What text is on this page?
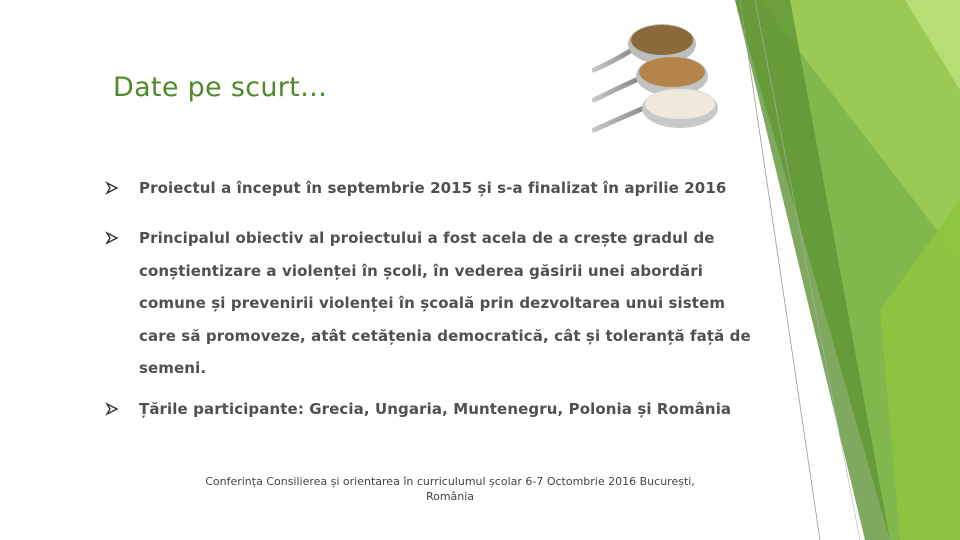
Date pe scurt…
Proiectul a început în septembrie 2015 și s-a finalizat în aprilie 2016
Principalul obiectiv al proiectului a fost acela de a crește gradul de
conștientizare a violenței în școli, în vederea găsirii unei abordări
comune și prevenirii violenței în școală prin dezvoltarea unui sistem
care să promoveze, atât cetățenia democratică, cât și toleranță față de
semeni.
Țările participante: Grecia, Ungaria, Muntenegru, Polonia și România
Conferința Consilierea și orientarea în curriculumul școlar 6-7 Octombrie 2016 București,
România
